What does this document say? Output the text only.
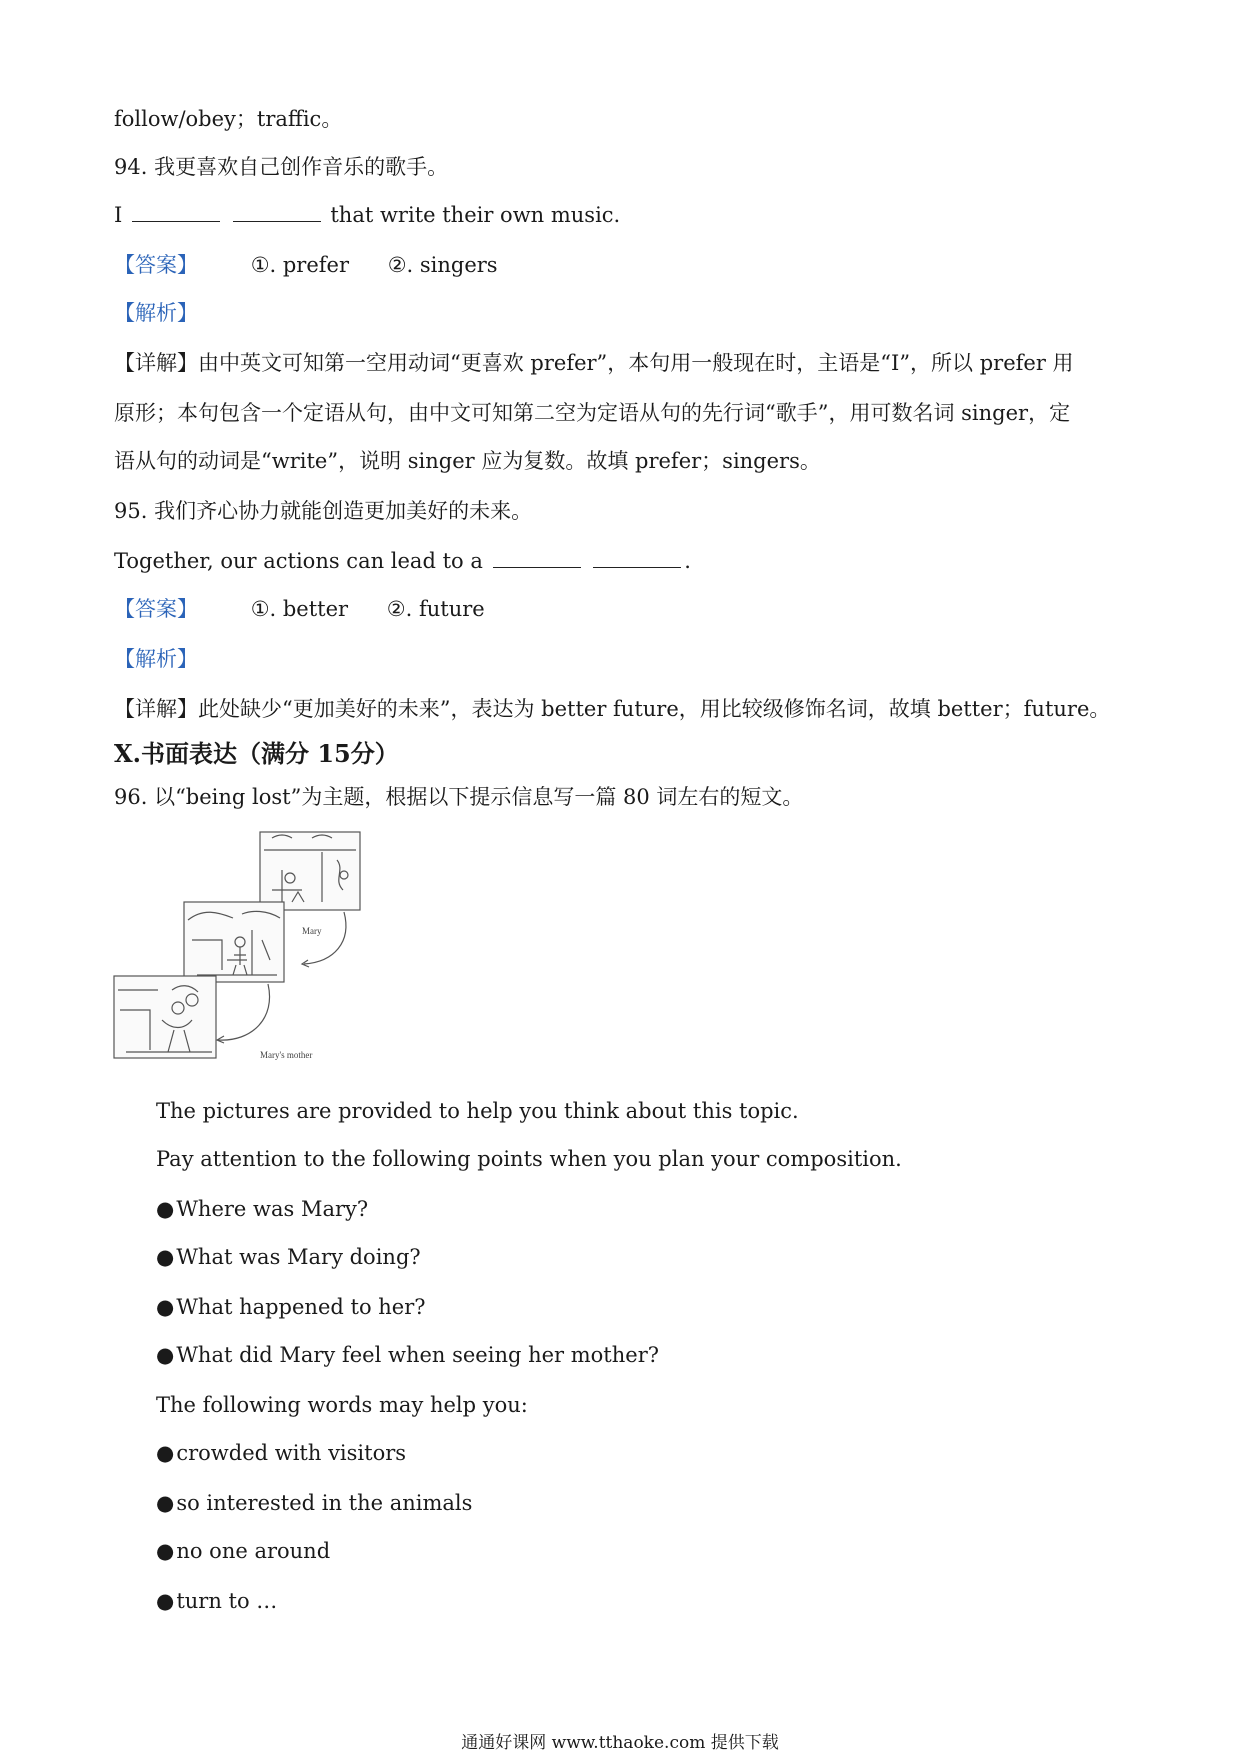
follow/obey；traffic。
94. 我更喜欢自己创作音乐的歌手。
I	that write their own music.
【答案】	①. prefer ②. singers
【解析】
【详解】由中英文可知第一空用动词“更喜欢 prefer”，本句用一般现在时，主语是“I”，所以 prefer 用
原形；本句包含一个定语从句，由中文可知第二空为定语从句的先行词“歌手”，用可数名词 singer，定
语从句的动词是“write”，说明 singer 应为复数。故填 prefer；singers。
95. 我们齐心协力就能创造更加美好的未来。
Together, our actions can lead to a	.
【答案】	①. better ②. future
【解析】
【详解】此处缺少“更加美好的未来”，表达为 better future，用比较级修饰名词，故填 better；future。
X.书面表达（满分 15分）
96. 以“being lost”为主题，根据以下提示信息写一篇 80 词左右的短文。
Mary
Mary's mother
The pictures are provided to help you think about this topic.
Pay attention to the following points when you plan your composition.
●Where was Mary?
●What was Mary doing?
●What happened to her?
●What did Mary feel when seeing her mother?
The following words may help you:
●crowded with visitors
●so interested in the animals
●no one around
●turn to …
通通好课网 www.tthaoke.com 提供下载
